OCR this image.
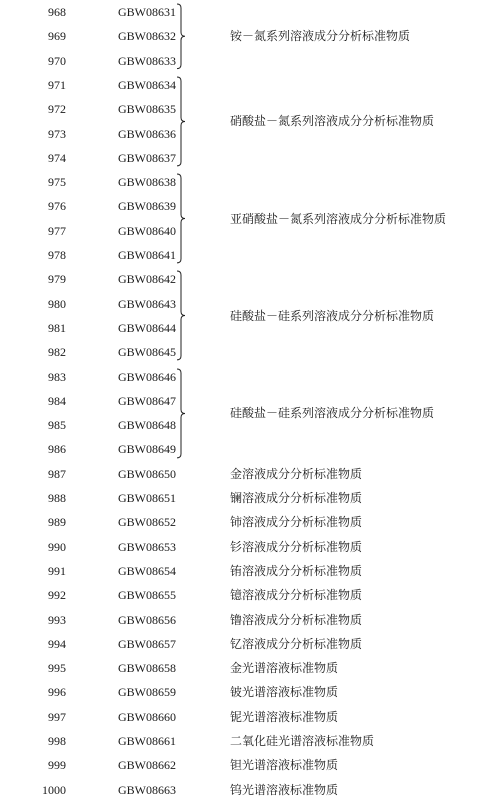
968	GBW08631
969	GBW08632
970	GBW08633
铵－氮系列溶液成分分析标准物质
971	GBW08634
972	GBW08635
973	GBW08636
974	GBW08637
硝酸盐－氮系列溶液成分分析标准物质
975	GBW08638
976	GBW08639
977	GBW08640
978	GBW08641
亚硝酸盐－氮系列溶液成分分析标准物质
979	GBW08642
980	GBW08643
981	GBW08644
982	GBW08645
硅酸盐－硅系列溶液成分分析标准物质
983	GBW08646
984	GBW08647
985	GBW08648
986	GBW08649
硅酸盐－硅系列溶液成分分析标准物质
987	GBW08650	金溶液成分分析标准物质
988	GBW08651	镧溶液成分分析标准物质
989	GBW08652	铈溶液成分分析标准物质
990	GBW08653	钐溶液成分分析标准物质
991	GBW08654	铕溶液成分分析标准物质
992	GBW08655	镱溶液成分分析标准物质
993	GBW08656	镥溶液成分分析标准物质
994	GBW08657	钇溶液成分分析标准物质
995	GBW08658	金光谱溶液标准物质
996	GBW08659	铍光谱溶液标准物质
997	GBW08660	铌光谱溶液标准物质
998	GBW08661	二氧化硅光谱溶液标准物质
999	GBW08662	钽光谱溶液标准物质
1000	GBW08663	钨光谱溶液标准物质
